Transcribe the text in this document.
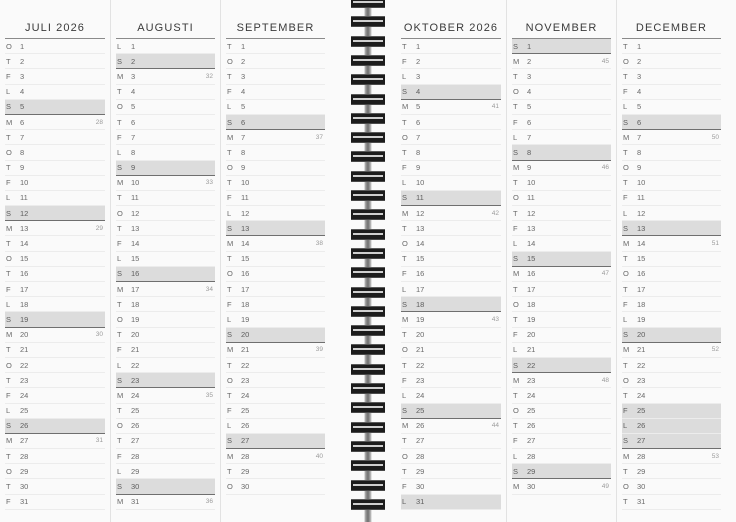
JULI 2026
O	1
T	2
F	3
L	4
S	5
M 6	28
T	7
O	8
T	9
F	10
L	11
S	12
M 13	29
T	14
O	15
T	16
F	17
L	18
S	19
M 20	30
T	21
O	22
T	23
F	24
L	25
S	26
M 27	31
T	28
O	29
T	30
F	31
AUGUSTI
L	1
S	2
M 3	32
T	4
O	5
T	6
F	7
L	8
S	9
M 10	33
T	11
O	12
T	13
F	14
L	15
S	16
M 17	34
T	18
O	19
T	20
F	21
L	22
S	23
M 24	35
T	25
O	26
T	27
F	28
L	29
S	30
M 31	36
SEPTEMBER
T	1
O	2
T	3
F	4
L	5
S	6
M 7	37
T	8
O	9
T	10
F	11
L	12
S	13
M 14	38
T	15
O	16
T	17
F	18
L	19
S	20
M 21	39
T	22
O	23
T	24
F	25
L	26
S	27
M 28	40
T	29
O	30
OKTOBER 2026
T	1
F	2
L	3
S	4
M 5	41
T	6
O	7
T	8
F	9
L	10
S	11
M 12	42
T	13
O	14
T	15
F	16
L	17
S	18
M 19	43
T	20
O	21
T	22
F	23
L	24
S	25
M 26	44
T	27
O	28
T	29
F	30
L	31
NOVEMBER
S	1
M 2	45
T	3
O	4
T	5
F	6
L	7
S	8
M 9	46
T	10
O	11
T	12
F	13
L	14
S	15
M 16	47
T	17
O	18
T	19
F	20
L	21
S	22
M 23	48
T	24
O	25
T	26
F	27
L	28
S	29
M 30	49
DECEMBER
T	1
O	2
T	3
F	4
L	5
S	6
M 7	50
T	8
O	9
T	10
F	11
L	12
S	13
M 14	51
T	15
O	16
T	17
F	18
L	19
S	20
M 21	52
T	22
O	23
T	24
F	25
L	26
S	27
M 28	53
T	29
O	30
T	31
